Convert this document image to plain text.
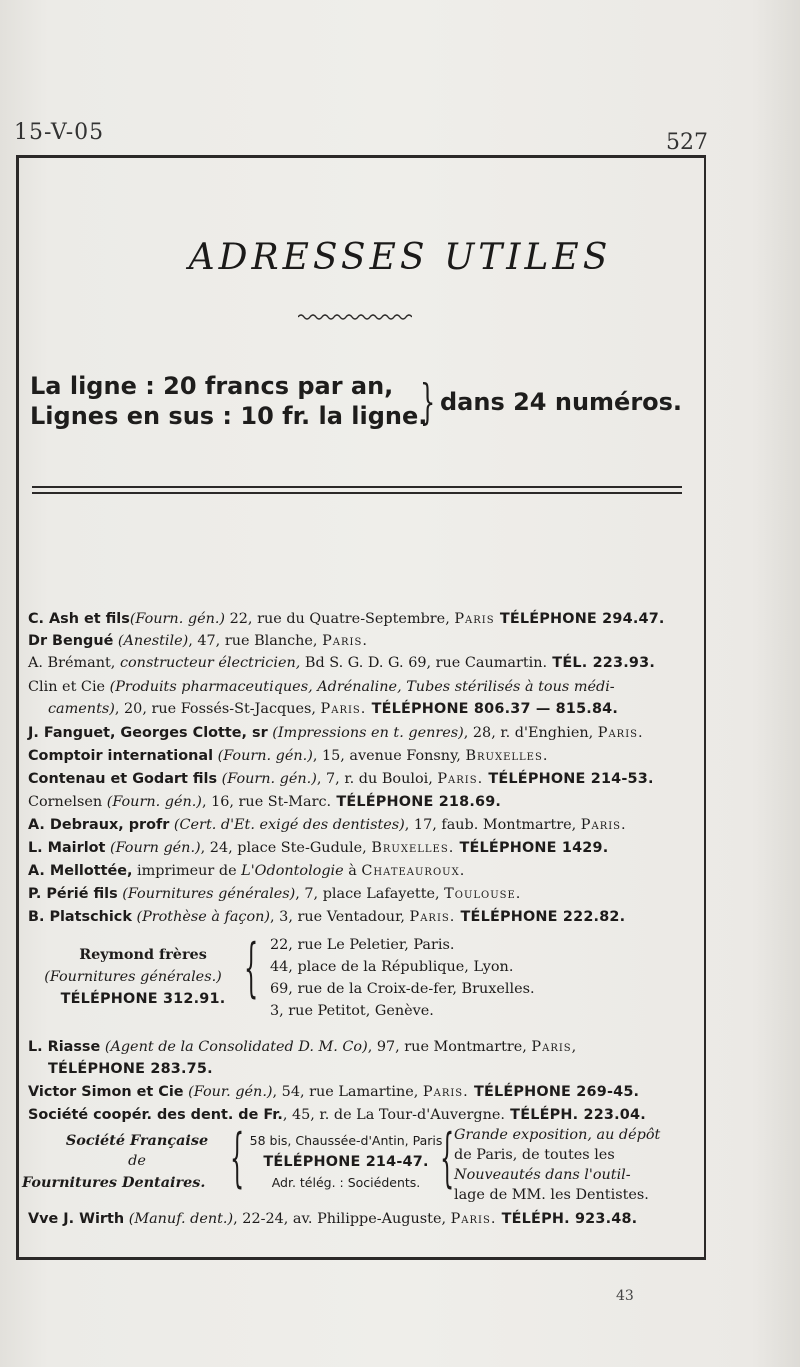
15-V-05	527
ADRESSES UTILES
La ligne : 20 francs par an,
Lignes en sus : 10 fr. la ligne.
} dans 24 numéros.
C. Ash et fils(Fourn. gén.) 22, rue du Quatre-Septembre, Paris TÉLÉPHONE 294.47.
Dr Bengué (Anestile), 47, rue Blanche, Paris.
A. Brémant, constructeur électricien, Bd S. G. D. G. 69, rue Caumartin. TÉL. 223.93.
Clin et Cie (Produits pharmaceutiques, Adrénaline, Tubes stérilisés à tous médi-
caments), 20, rue Fossés-St-Jacques, Paris. TÉLÉPHONE 806.37 — 815.84.
J. Fanguet, Georges Clotte, sr (Impressions en t. genres), 28, r. d'Enghien, Paris.
Comptoir international (Fourn. gén.), 15, avenue Fonsny, Bruxelles.
Contenau et Godart fils (Fourn. gén.), 7, r. du Bouloi, Paris. TÉLÉPHONE 214-53.
Cornelsen (Fourn. gén.), 16, rue St-Marc. TÉLÉPHONE 218.69.
A. Debraux, profr (Cert. d'Et. exigé des dentistes), 17, faub. Montmartre, Paris.
L. Mairlot (Fourn gén.), 24, place Ste-Gudule, Bruxelles. TÉLÉPHONE 1429.
A. Mellottée, imprimeur de L'Odontologie à Chateauroux.
P. Périé fils (Fournitures générales), 7, place Lafayette, Toulouse.
B. Platschick (Prothèse à façon), 3, rue Ventadour, Paris. TÉLÉPHONE 222.82.
Reymond frères
(Fournitures générales.)
TÉLÉPHONE 312.91. { 22, rue Le Peletier, Paris.
44, place de la République, Lyon.
69, rue de la Croix-de-fer, Bruxelles.
3, rue Petitot, Genève.
L. Riasse (Agent de la Consolidated D. M. Co), 97, rue Montmartre, Paris,
TÉLÉPHONE 283.75.
Victor Simon et Cie (Four. gén.), 54, rue Lamartine, Paris. TÉLÉPHONE 269-45.
Société coopér. des dent. de Fr., 45, r. de La Tour-d'Auvergne. TÉLÉPH. 223.04.
Société Française
de
Fournitures Dentaires. { 58 bis, Chaussée-d'Antin, Paris
TÉLÉPHONE 214-47.
Adr. télég. : Sociédents. { Grande exposition, au dépôt
de Paris, de toutes les
Nouveautés dans l'outil-
lage de MM. les Dentistes.
Vve J. Wirth (Manuf. dent.), 22-24, av. Philippe-Auguste, Paris. TÉLÉPH. 923.48.
43
